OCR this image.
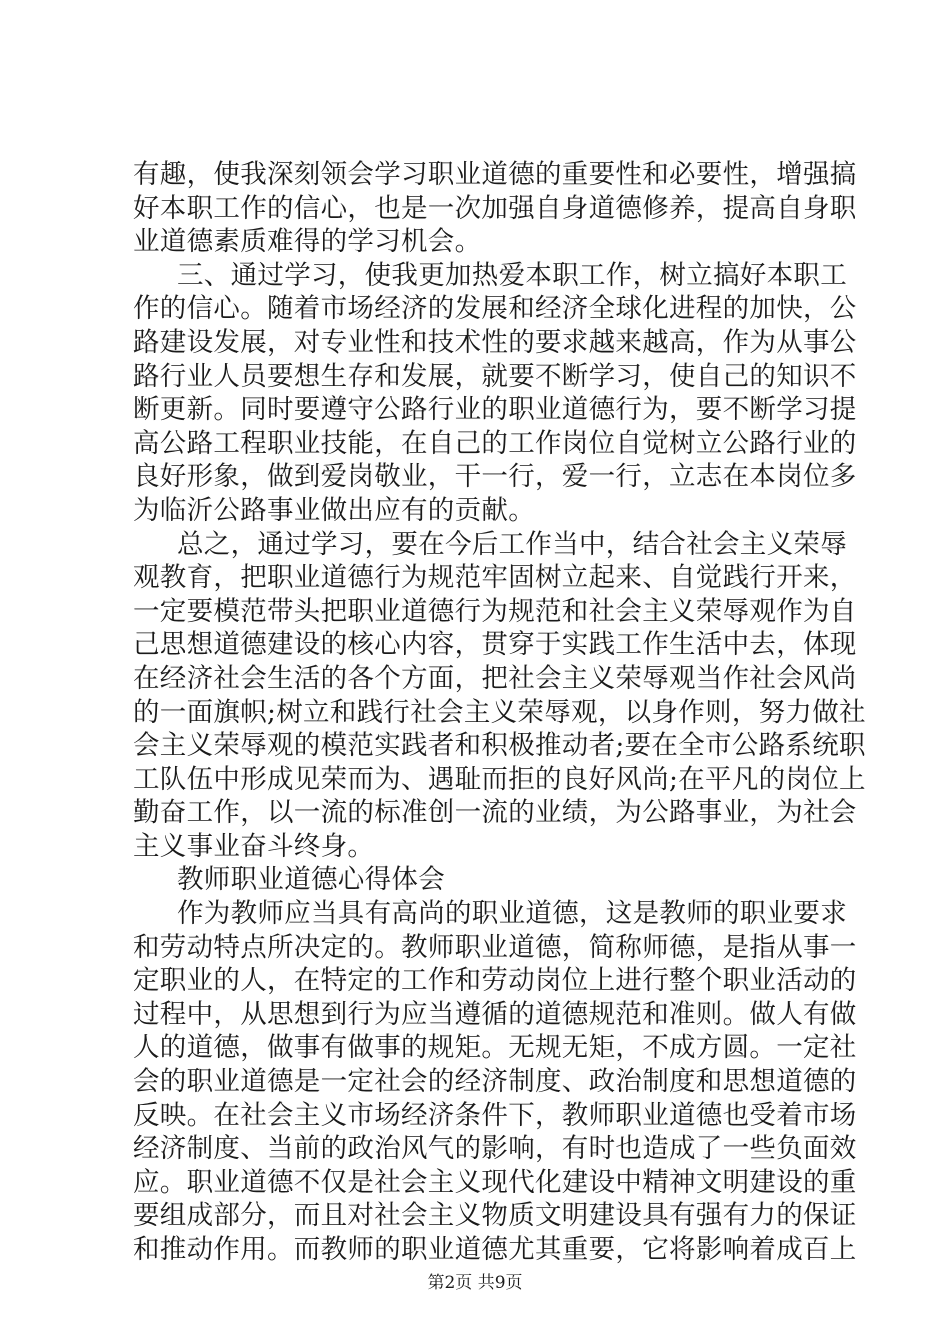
有趣，使我深刻领会学习职业道德的重要性和必要性，增强搞
好本职工作的信心，也是一次加强自身道德修养，提高自身职
业道德素质难得的学习机会。
三、通过学习，使我更加热爱本职工作，树立搞好本职工
作的信心。随着市场经济的发展和经济全球化进程的加快，公
路建设发展，对专业性和技术性的要求越来越高，作为从事公
路行业人员要想生存和发展，就要不断学习，使自己的知识不
断更新。同时要遵守公路行业的职业道德行为，要不断学习提
高公路工程职业技能，在自己的工作岗位自觉树立公路行业的
良好形象，做到爱岗敬业，干一行，爱一行，立志在本岗位多
为临沂公路事业做出应有的贡献。
总之，通过学习，要在今后工作当中，结合社会主义荣辱
观教育，把职业道德行为规范牢固树立起来、自觉践行开来，
一定要模范带头把职业道德行为规范和社会主义荣辱观作为自
己思想道德建设的核心内容，贯穿于实践工作生活中去，体现
在经济社会生活的各个方面，把社会主义荣辱观当作社会风尚
的一面旗帜;树立和践行社会主义荣辱观，以身作则，努力做社
会主义荣辱观的模范实践者和积极推动者;要在全市公路系统职
工队伍中形成见荣而为、遇耻而拒的良好风尚;在平凡的岗位上
勤奋工作，以一流的标准创一流的业绩，为公路事业，为社会
主义事业奋斗终身。
教师职业道德心得体会
作为教师应当具有高尚的职业道德，这是教师的职业要求
和劳动特点所决定的。教师职业道德，简称师德，是指从事一
定职业的人，在特定的工作和劳动岗位上进行整个职业活动的
过程中，从思想到行为应当遵循的道德规范和准则。做人有做
人的道德，做事有做事的规矩。无规无矩，不成方圆。一定社
会的职业道德是一定社会的经济制度、政治制度和思想道德的
反映。在社会主义市场经济条件下，教师职业道德也受着市场
经济制度、当前的政治风气的影响，有时也造成了一些负面效
应。职业道德不仅是社会主义现代化建设中精神文明建设的重
要组成部分，而且对社会主义物质文明建设具有强有力的保证
和推动作用。而教师的职业道德尤其重要，它将影响着成百上
第2页 共9页
